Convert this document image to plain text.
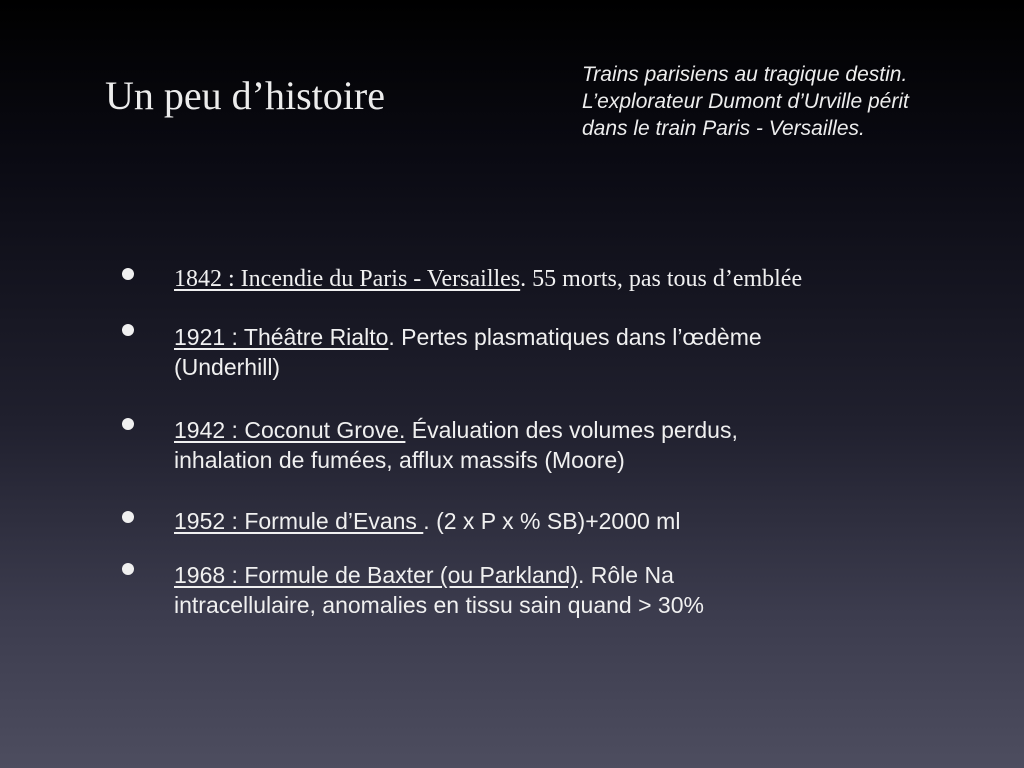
Un peu d’histoire	Trains parisiens au tragique destin.
L’explorateur Dumont d’Urville périt
dans le train Paris - Versailles.
1842 : Incendie du Paris - Versailles. 55 morts, pas tous d’emblée
1921 : Théâtre Rialto. Pertes plasmatiques dans l’œdème
(Underhill)
1942 : Coconut Grove. Évaluation des volumes perdus,
inhalation de fumées, afflux massifs (Moore)
1952 : Formule d’Evans . (2 x P x % SB)+2000 ml
1968 : Formule de Baxter (ou Parkland). Rôle Na
intracellulaire, anomalies en tissu sain quand > 30%
